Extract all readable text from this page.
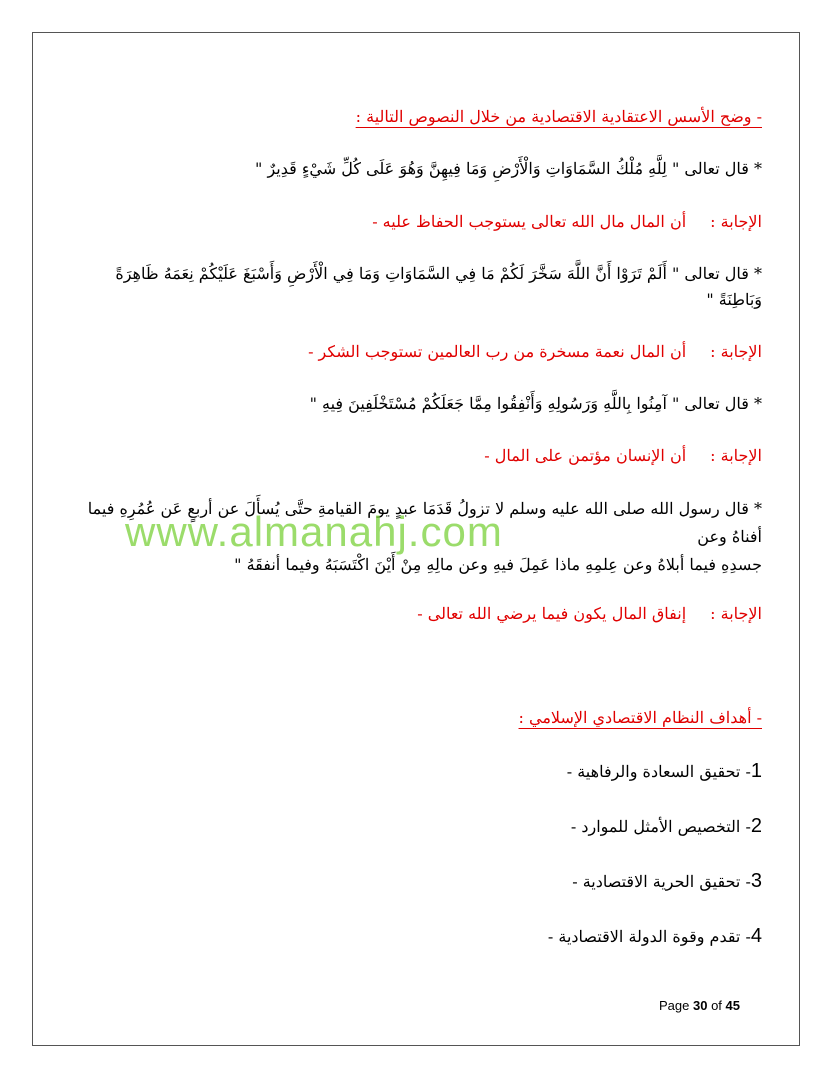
- وضح الأسس الاعتقادية الاقتصادية من خلال النصوص التالية :

* قال تعالى " لِلَّهِ مُلْكُ السَّمَاوَاتِ وَالْأَرْضِ وَمَا فِيهِنَّ وَهُوَ عَلَى كُلِّ شَيْءٍ قَدِيرٌ "

الإجابة :أن المال مال الله تعالى يستوجب الحفاظ عليه -

* قال تعالى " أَلَمْ تَرَوْا أَنَّ اللَّهَ سَخَّرَ لَكُمْ مَا فِي السَّمَاوَاتِ وَمَا فِي الْأَرْضِ وَأَسْبَغَ عَلَيْكُمْ نِعَمَهُ ظَاهِرَةً وَبَاطِنَةً "

الإجابة :أن المال نعمة مسخرة من رب العالمين تستوجب الشكر -

* قال تعالى " آمِنُوا بِاللَّهِ وَرَسُولِهِ وَأَنْفِقُوا مِمَّا جَعَلَكُمْ مُسْتَخْلَفِينَ فِيهِ "

الإجابة :أن الإنسان مؤتمن على المال -

* قال رسول الله صلى الله عليه وسلم لا تزولُ قَدَمَا عبدٍ يومَ القيامةِ حتَّى يُسأَلَ عن أربعٍ عَن عُمُرِهِ فيما أفناهُ وعن

جسدِهِ فيما أبلاهُ وعن عِلمِهِ ماذا عَمِلَ فيهِ وعن مالِهِ مِنْ أَيْنَ اكْتَسَبَهُ وفيما أنفقَهُ "

الإجابة :إنفاق المال يكون فيما يرضي الله تعالى -

- أهداف النظام الاقتصادي الإسلامي :

1- تحقيق السعادة والرفاهية -

2- التخصيص الأمثل للموارد -

3- تحقيق الحرية الاقتصادية -

4- تقدم وقوة الدولة الاقتصادية -

www.almanahj.com
Page 30 of 45
